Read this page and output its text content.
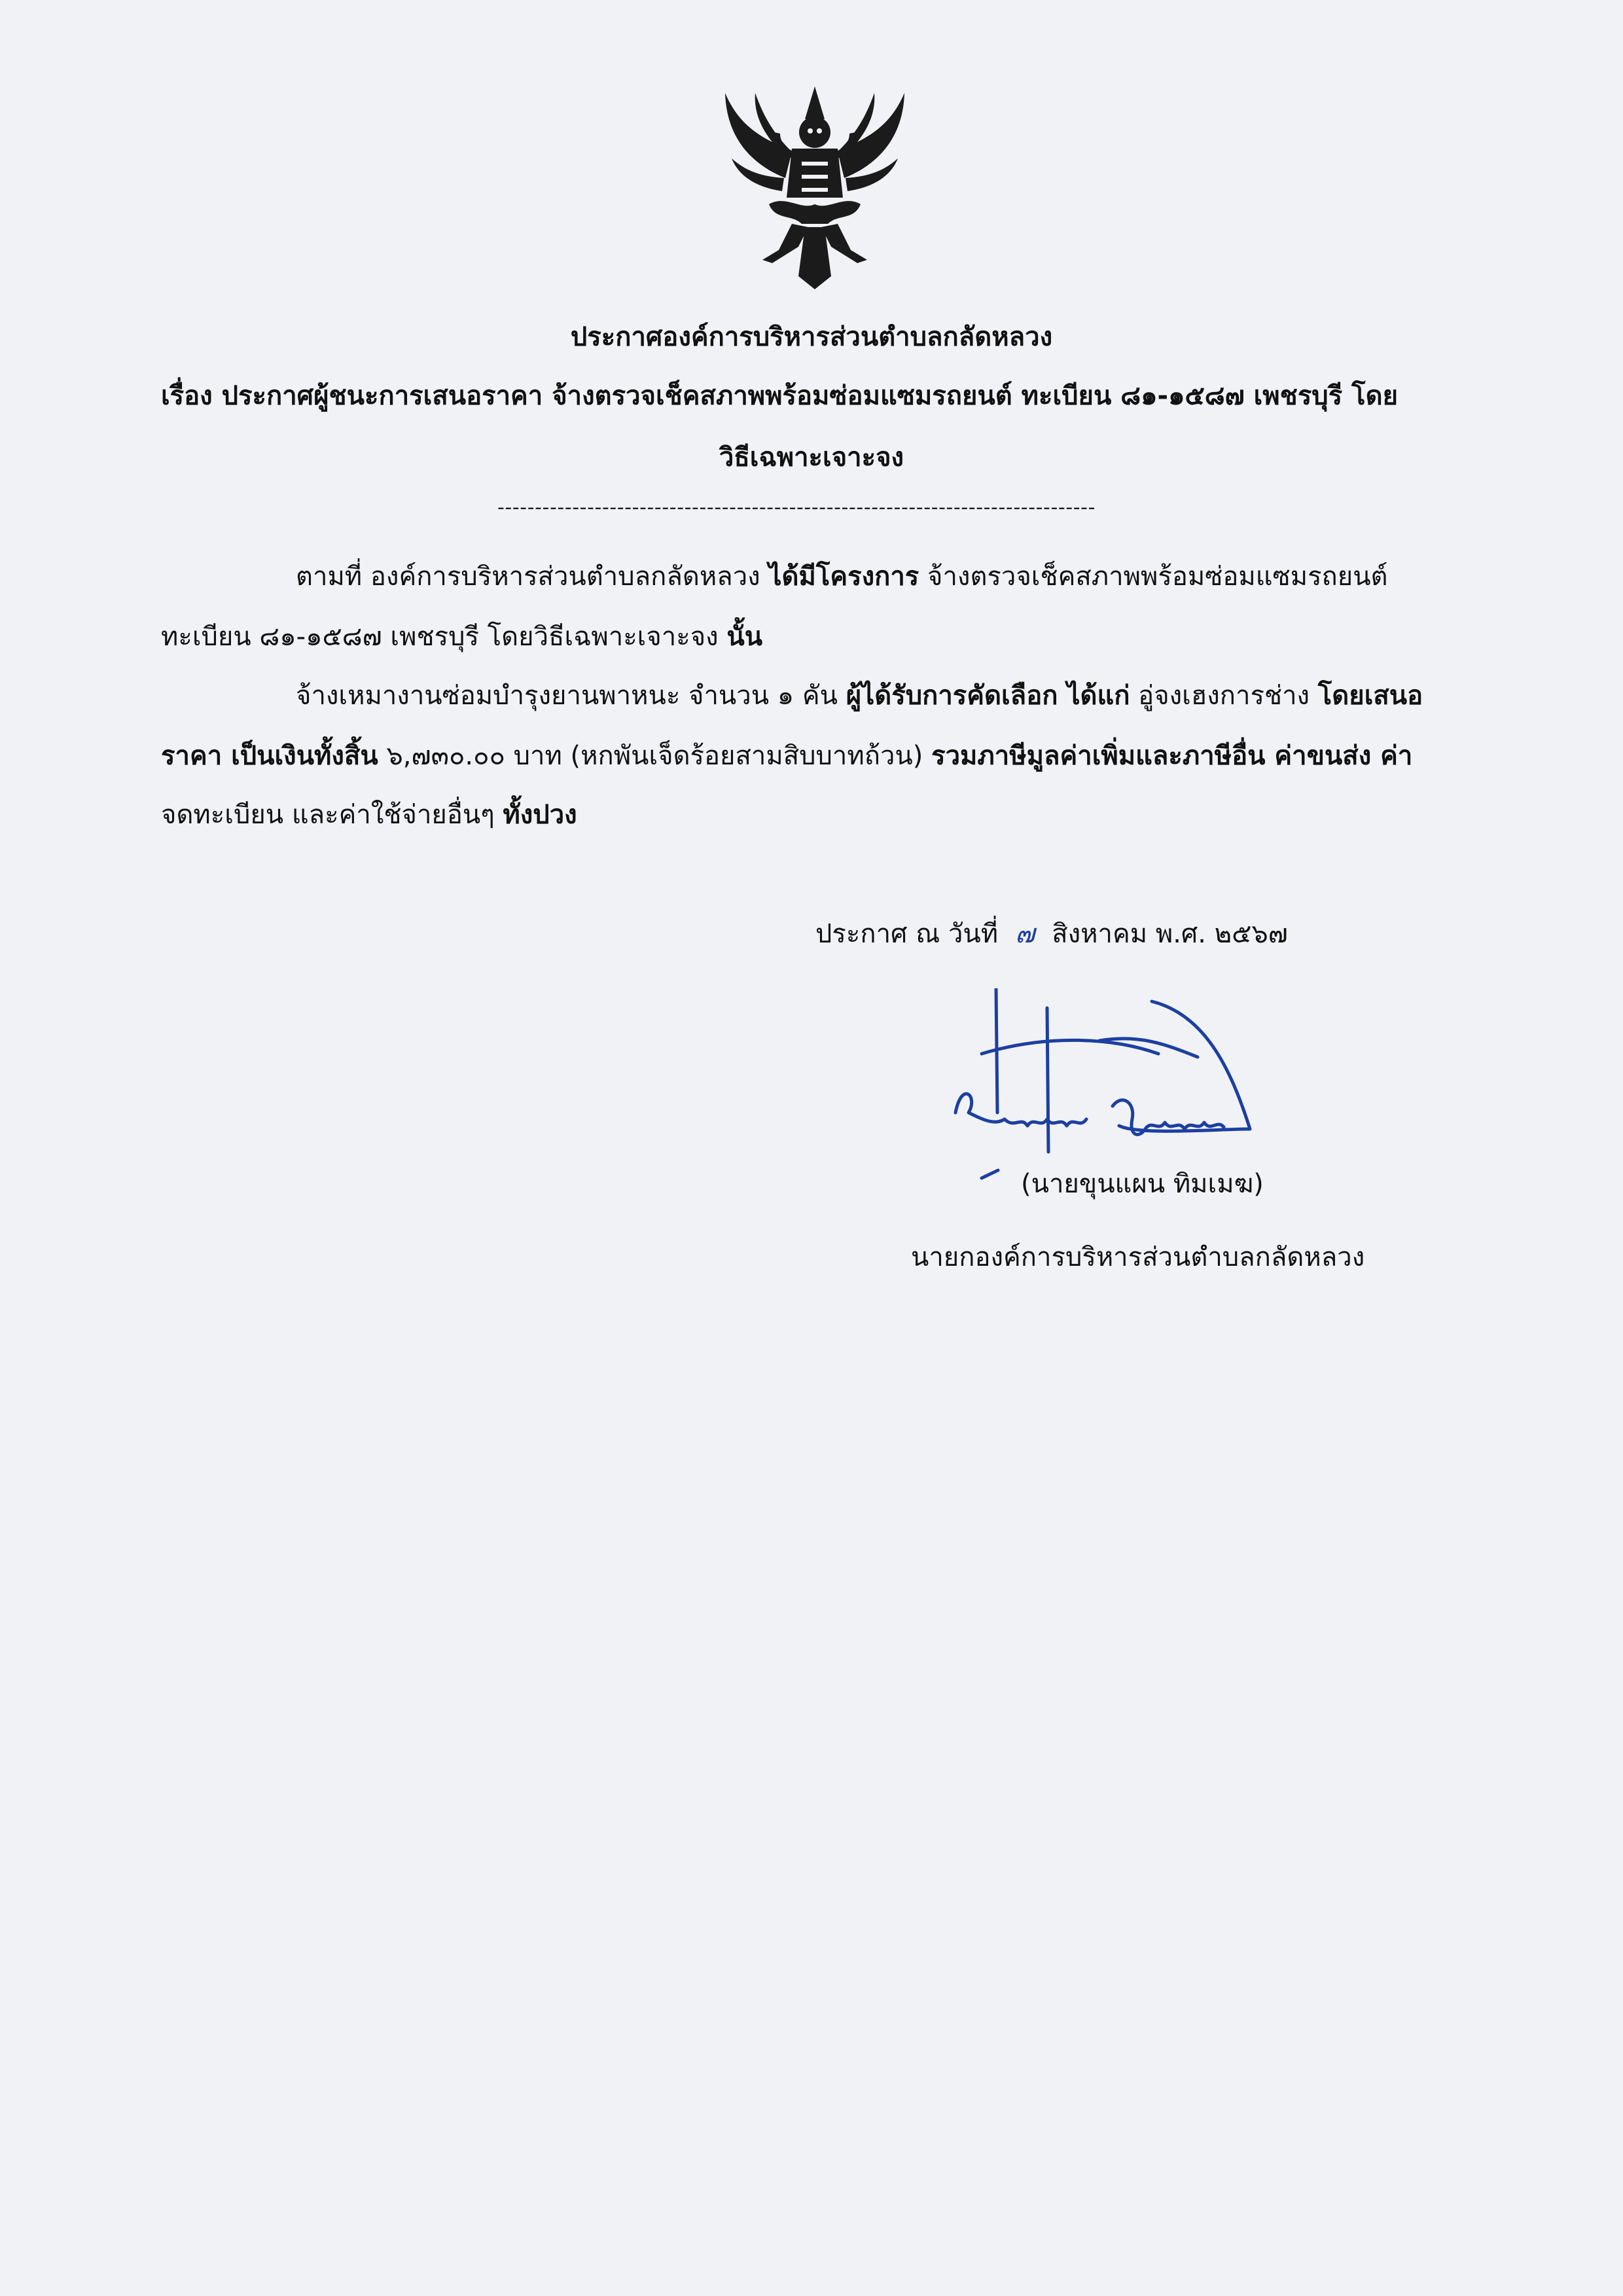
ประกาศองค์การบริหารส่วนตำบลกลัดหลวง

เรื่อง ประกาศผู้ชนะการเสนอราคา จ้างตรวจเช็คสภาพพร้อมซ่อมแซมรถยนต์ ทะเบียน ๘๑-๑๕๘๗ เพชรบุรี โดย

วิธีเฉพาะเจาะจง

--------------------------------------------------------------------------------

ตามที่ องค์การบริหารส่วนตำบลกลัดหลวง ได้มีโครงการ จ้างตรวจเช็คสภาพพร้อมซ่อมแซมรถยนต์

ทะเบียน ๘๑-๑๕๘๗ เพชรบุรี โดยวิธีเฉพาะเจาะจง นั้น

จ้างเหมางานซ่อมบำรุงยานพาหนะ จำนวน ๑ คัน ผู้ได้รับการคัดเลือก ได้แก่ อู่จงเฮงการช่าง โดยเสนอ

ราคา เป็นเงินทั้งสิ้น ๖,๗๓๐.๐๐ บาท (หกพันเจ็ดร้อยสามสิบบาทถ้วน) รวมภาษีมูลค่าเพิ่มและภาษีอื่น ค่าขนส่ง ค่า

จดทะเบียน และค่าใช้จ่ายอื่นๆ ทั้งปวง

ประกาศ ณ วันที่ ๗ สิงหาคม พ.ศ. ๒๕๖๗

(นายขุนแผน ทิมเมฆ)

นายกองค์การบริหารส่วนตำบลกลัดหลวง
